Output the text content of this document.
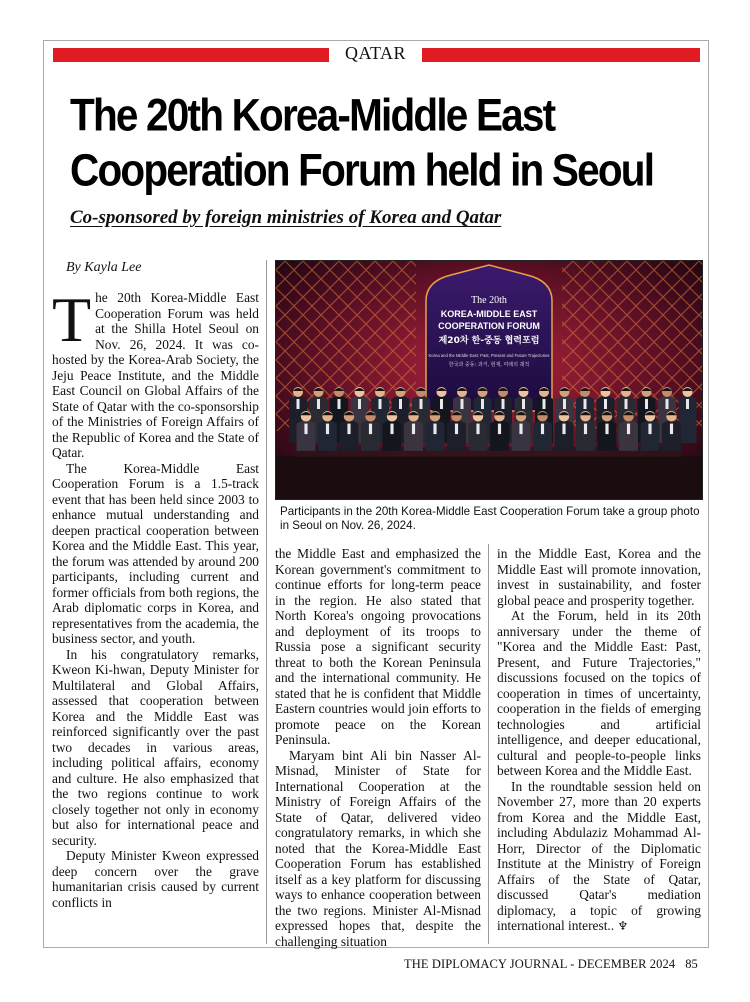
QATAR
The 20th Korea-Middle East Cooperation Forum held in Seoul
Co-sponsored by foreign ministries of Korea and Qatar
By Kayla Lee

The 20th Korea-Middle East Cooperation Forum was held at the Shilla Hotel Seoul on Nov. 26, 2024. It was co-hosted by the Korea-Arab Society, the Jeju Peace Institute, and the Middle East Council on Global Affairs of the State of Qatar with the co-sponsorship of the Ministries of Foreign Affairs of the Republic of Korea and the State of Qatar.

The Korea-Middle East Cooperation Forum is a 1.5-track event that has been held since 2003 to enhance mutual understanding and deepen practical cooperation between Korea and the Middle East. This year, the forum was attended by around 200 participants, including current and former officials from both regions, the Arab diplomatic corps in Korea, and representatives from the academia, the business sector, and youth.

In his congratulatory remarks, Kweon Ki-hwan, Deputy Minister for Multilateral and Global Affairs, assessed that cooperation between Korea and the Middle East was reinforced significantly over the past two decades in various areas, including political affairs, economy and culture. He also emphasized that the two regions continue to work closely together not only in economy but also for international peace and security.

Deputy Minister Kweon expressed deep concern over the grave humanitarian crisis caused by current conflicts in

The 20th
KOREA-MIDDLE EAST
COOPERATION FORUM
제20차 한-중동 협력포럼
Korea and the Middle East: Past, Present and Future Trajectories
한국과 중동: 과거, 현재, 미래의 궤적

Participants in the 20th Korea-Middle East Cooperation Forum take a group photo in Seoul on Nov. 26, 2024.

the Middle East and emphasized the Korean government's commitment to continue efforts for long-term peace in the region. He also stated that North Korea's ongoing provocations and deployment of its troops to Russia pose a significant security threat to both the Korean Peninsula and the international community. He stated that he is confident that Middle Eastern countries would join efforts to promote peace on the Korean Peninsula.

Maryam bint Ali bin Nasser Al-Misnad, Minister of State for International Cooperation at the Ministry of Foreign Affairs of the State of Qatar, delivered video congratulatory remarks, in which she noted that the Korea-Middle East Cooperation Forum has established itself as a key platform for discussing ways to enhance cooperation between the two regions. Minister Al-Misnad expressed hopes that, despite the challenging situation

in the Middle East, Korea and the Middle East will promote innovation, invest in sustainability, and foster global peace and prosperity together.

At the Forum, held in its 20th anniversary under the theme of "Korea and the Middle East: Past, Present, and Future Trajectories," discussions focused on the topics of cooperation in times of uncertainty, cooperation in the fields of emerging technologies and artificial intelligence, and deeper educational, cultural and people-to-people links between Korea and the Middle East.

In the roundtable session held on November 27, more than 20 experts from Korea and the Middle East, including Abdulaziz Mohammad Al-Horr, Director of the Diplomatic Institute at the Ministry of Foreign Affairs of the State of Qatar, discussed Qatar's mediation diplomacy, a topic of growing international interest.. ♆

THE DIPLOMACY JOURNAL - DECEMBER 2024 85
